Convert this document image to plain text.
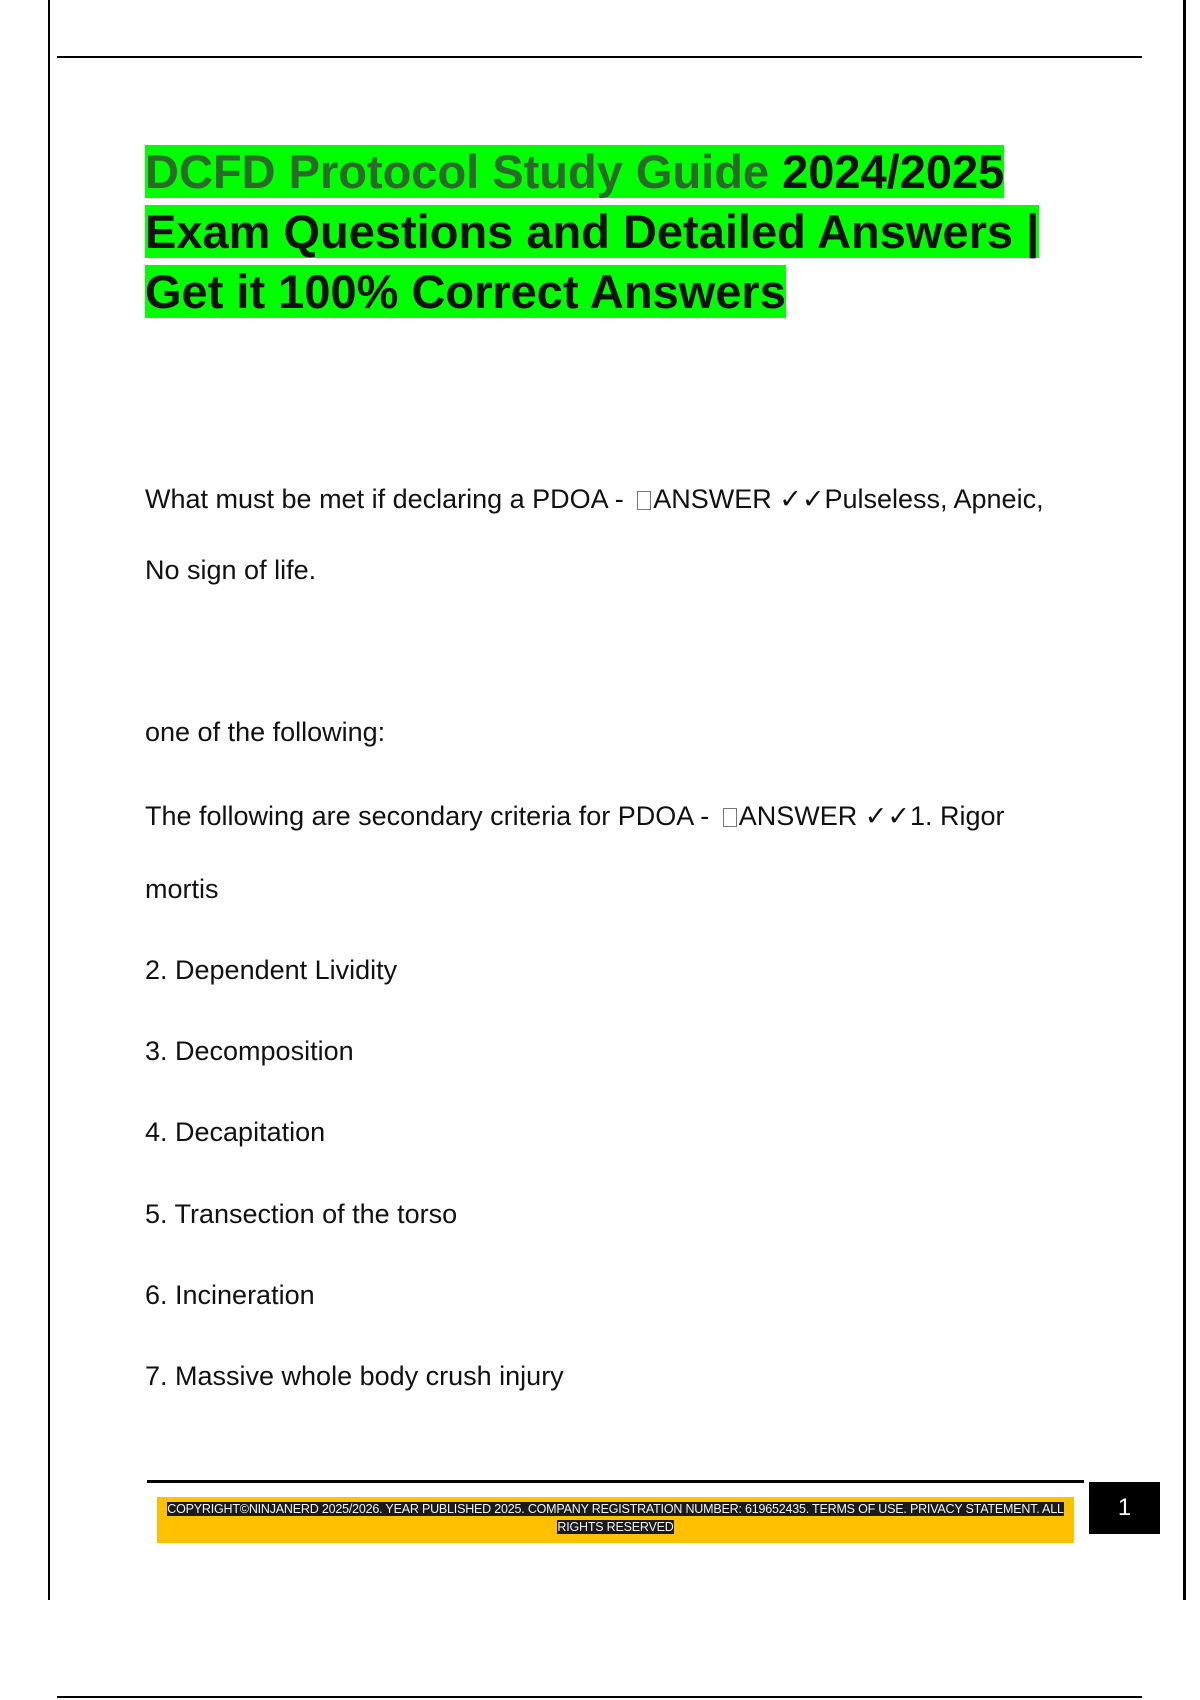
DCFD Protocol Study Guide 2024/2025 Exam Questions and Detailed Answers | Get it 100% Correct Answers

What must be met if declaring a PDOA - ANSWER ✓✓Pulseless, Apneic,

No sign of life.

one of the following:

The following are secondary criteria for PDOA - ANSWER ✓✓1. Rigor

mortis

2. Dependent Lividity

3. Decomposition

4. Decapitation

5. Transection of the torso

6. Incineration

7. Massive whole body crush injury

COPYRIGHT©NINJANERD 2025/2026. YEAR PUBLISHED 2025. COMPANY REGISTRATION NUMBER: 619652435. TERMS OF USE. PRIVACY STATEMENT. ALL RIGHTS RESERVED
1
